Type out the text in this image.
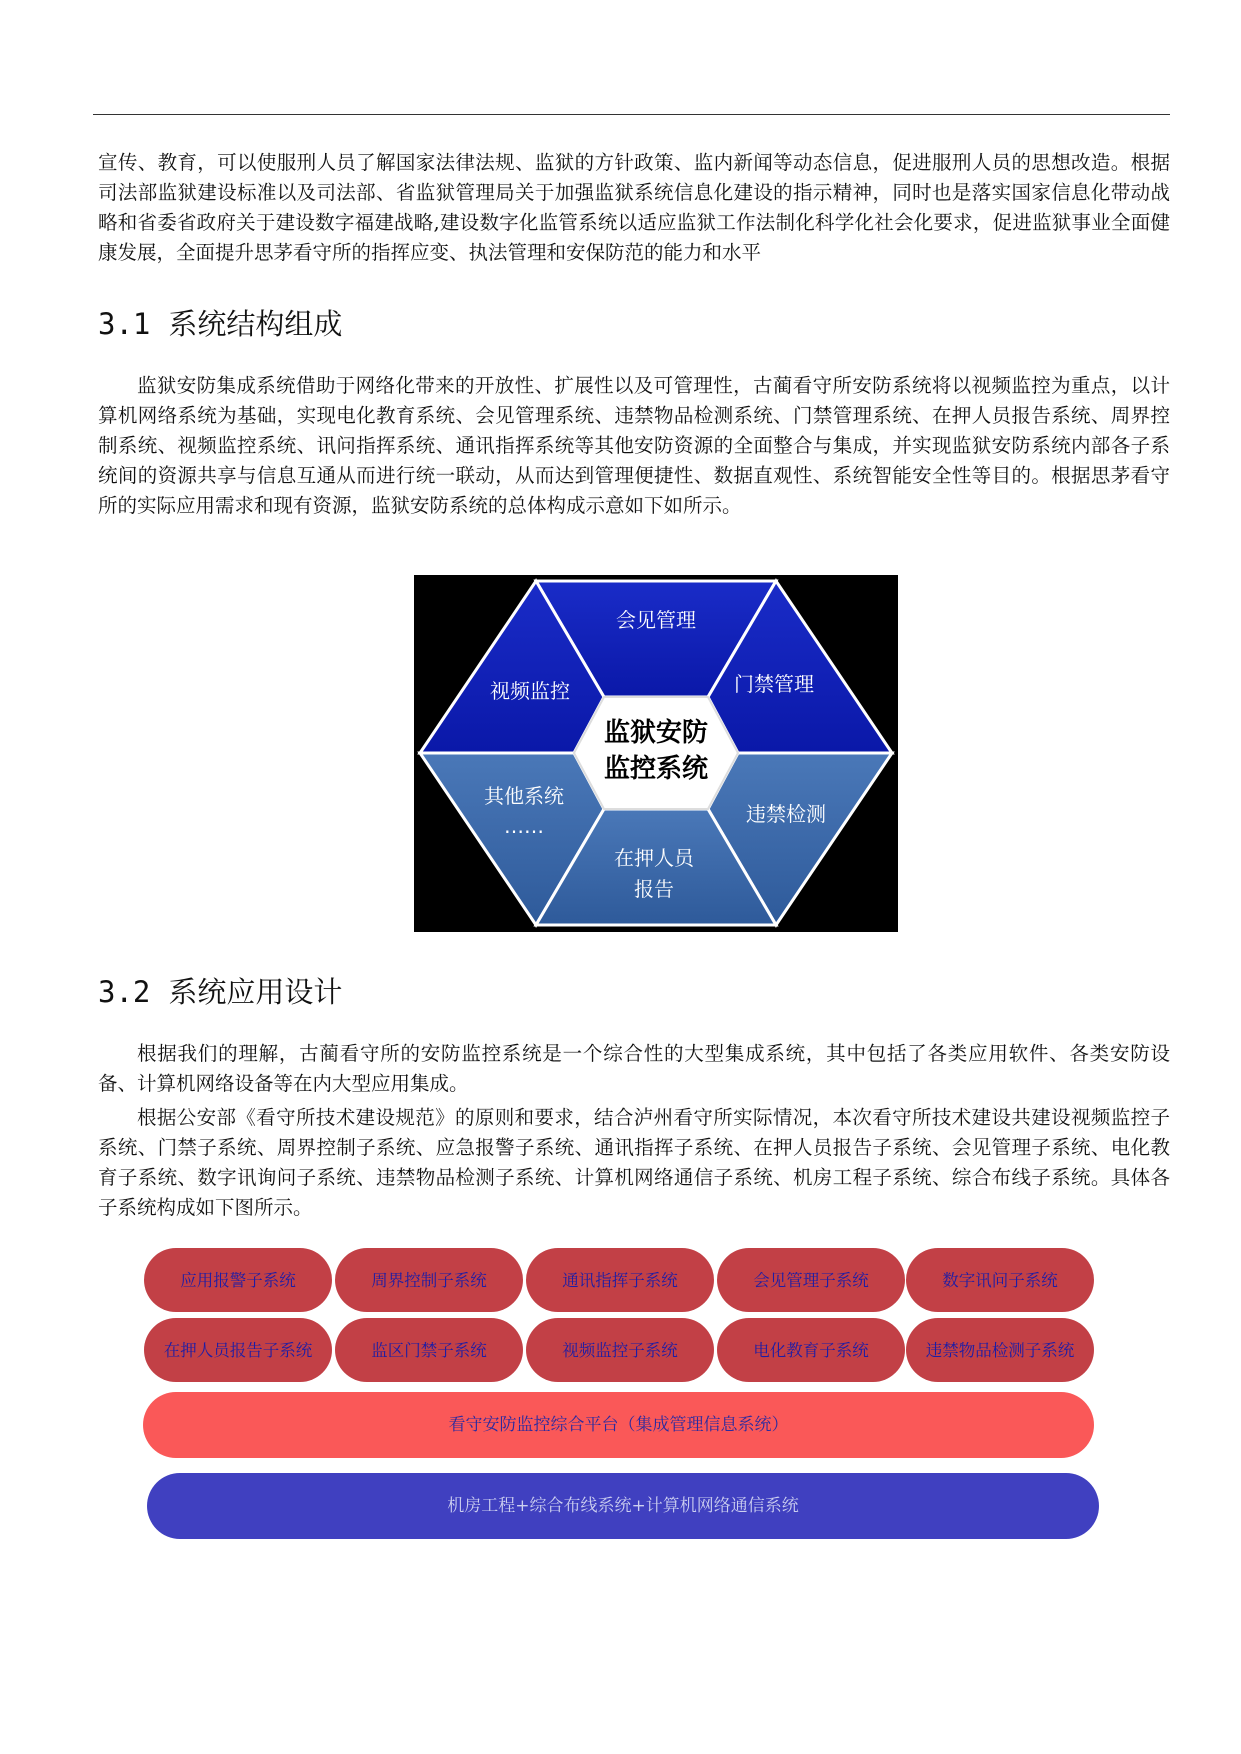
宣传、教育，可以使服刑人员了解国家法律法规、监狱的方针政策、监内新闻等动态信息，促进服刑人员的思想改造。根据司法部监狱建设标准以及司法部、省监狱管理局关于加强监狱系统信息化建设的指示精神，同时也是落实国家信息化带动战略和省委省政府关于建设数字福建战略,建设数字化监管系统以适应监狱工作法制化科学化社会化要求，促进监狱事业全面健康发展，全面提升思茅看守所的指挥应变、执法管理和安保防范的能力和水平

3.1 系统结构组成

监狱安防集成系统借助于网络化带来的开放性、扩展性以及可管理性，古蔺看守所安防系统将以视频监控为重点，以计算机网络系统为基础，实现电化教育系统、会见管理系统、违禁物品检测系统、门禁管理系统、在押人员报告系统、周界控制系统、视频监控系统、讯问指挥系统、通讯指挥系统等其他安防资源的全面整合与集成，并实现监狱安防系统内部各子系统间的资源共享与信息互通从而进行统一联动，从而达到管理便捷性、数据直观性、系统智能安全性等目的。根据思茅看守所的实际应用需求和现有资源，监狱安防系统的总体构成示意如下如所示。

监狱安防
监控系统
会见管理
视频监控	门禁管理
其他系统
……	违禁检测
在押人员
报告
3.2 系统应用设计

根据我们的理解，古蔺看守所的安防监控系统是一个综合性的大型集成系统，其中包括了各类应用软件、各类安防设备、计算机网络设备等在内大型应用集成。

根据公安部《看守所技术建设规范》的原则和要求，结合泸州看守所实际情况，本次看守所技术建设共建设视频监控子系统、门禁子系统、周界控制子系统、应急报警子系统、通讯指挥子系统、在押人员报告子系统、会见管理子系统、电化教育子系统、数字讯询问子系统、违禁物品检测子系统、计算机网络通信子系统、机房工程子系统、综合布线子系统。具体各子系统构成如下图所示。

应用报警子系统	周界控制子系统	通讯指挥子系统	会见管理子系统	数字讯问子系统
在押人员报告子系统	监区门禁子系统	视频监控子系统	电化教育子系统	违禁物品检测子系统
看守安防监控综合平台（集成管理信息系统）
机房工程+综合布线系统+计算机网络通信系统
